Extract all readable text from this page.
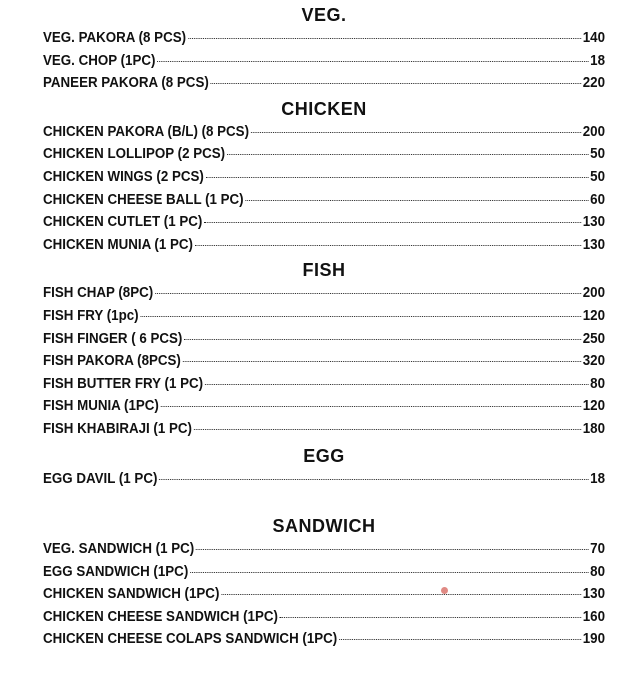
VEG.
VEG. PAKORA (8 PCS)	140
VEG. CHOP (1PC)	18
PANEER PAKORA (8 PCS)	220
CHICKEN
CHICKEN PAKORA (B/L) (8 PCS)	200
CHICKEN LOLLIPOP (2 PCS)	50
CHICKEN WINGS (2 PCS)	50
CHICKEN CHEESE BALL (1 PC)	60
CHICKEN CUTLET (1 PC)	130
CHICKEN MUNIA (1 PC)	130
FISH
FISH CHAP (8PC)	200
FISH FRY (1pc)	120
FISH FINGER ( 6 PCS)	250
FISH PAKORA (8PCS)	320
FISH BUTTER FRY (1 PC)	80
FISH MUNIA (1PC)	120
FISH KHABIRAJI (1 PC)	180
EGG
EGG DAVIL (1 PC)	18
SANDWICH
VEG. SANDWICH (1 PC)	70
EGG SANDWICH (1PC)	80
CHICKEN SANDWICH (1PC)	130
CHICKEN CHEESE SANDWICH (1PC)	160
CHICKEN CHEESE COLAPS SANDWICH (1PC)	190
